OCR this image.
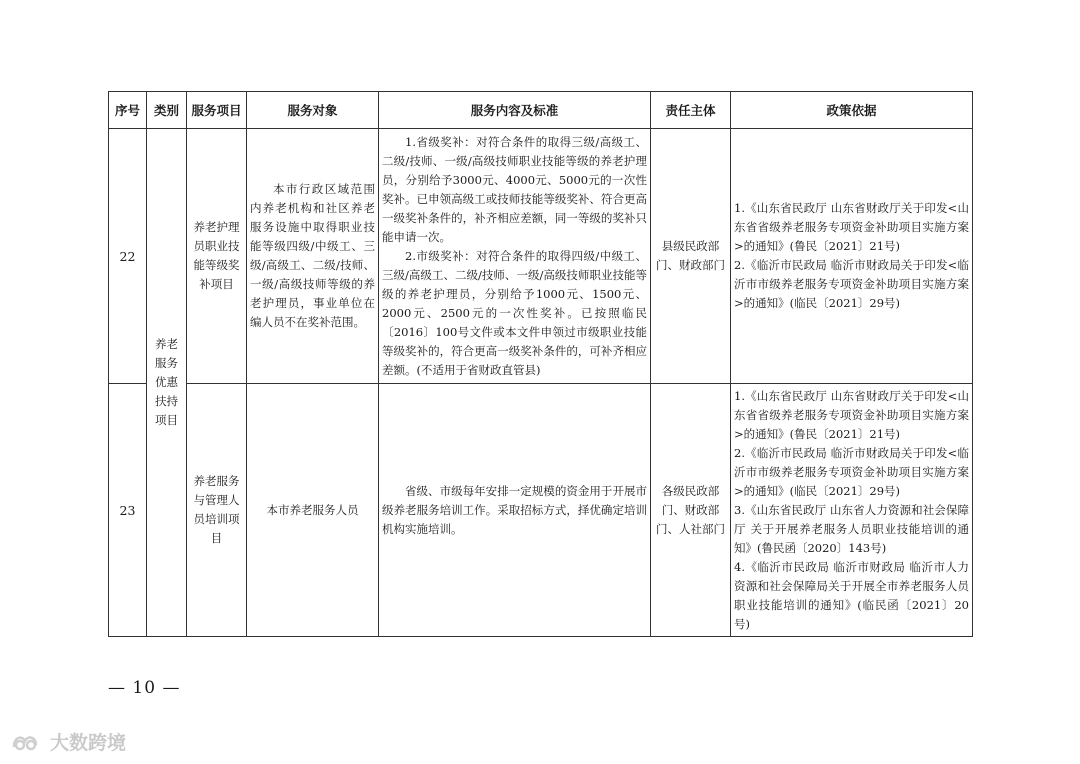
序号	类别	服务项目	服务对象	服务内容及标准	责任主体	政策依据
22	养老服务优惠扶持项目	养老护理员职业技能等级奖补项目	本市行政区域范围内养老机构和社区养老服务设施中取得职业技能等级四级/中级工、三级/高级工、二级/技师、一级/高级技师等级的养老护理员，事业单位在编人员不在奖补范围。	1.省级奖补：对符合条件的取得三级/高级工、二级/技师、一级/高级技师职业技能等级的养老护理员，分别给予3000元、4000元、5000元的一次性奖补。已申领高级工或技师技能等级奖补、符合更高一级奖补条件的，补齐相应差额，同一等级的奖补只能申请一次。
2.市级奖补：对符合条件的取得四级/中级工、三级/高级工、二级/技师、一级/高级技师职业技能等级的养老护理员，分别给予1000元、1500元、2000元、2500元的一次性奖补。已按照临民〔2016〕100号文件或本文件申领过市级职业技能等级奖补的，符合更高一级奖补条件的，可补齐相应差额。(不适用于省财政直管县)	县级民政部门、财政部门	1.《山东省民政厅 山东省财政厅关于印发<山东省省级养老服务专项资金补助项目实施方案>的通知》(鲁民〔2021〕21号)
2.《临沂市民政局 临沂市财政局关于印发<临沂市市级养老服务专项资金补助项目实施方案>的通知》(临民〔2021〕29号)

23		养老服务与管理人员培训项目	本市养老服务人员	省级、市级每年安排一定规模的资金用于开展市级养老服务培训工作。采取招标方式，择优确定培训机构实施培训。	各级民政部门、财政部门、人社部门	1.《山东省民政厅 山东省财政厅关于印发<山东省省级养老服务专项资金补助项目实施方案>的通知》(鲁民〔2021〕21号)
2.《临沂市民政局 临沂市财政局关于印发<临沂市市级养老服务专项资金补助项目实施方案>的通知》(临民〔2021〕29号)
3.《山东省民政厅 山东省人力资源和社会保障厅 关于开展养老服务人员职业技能培训的通知》(鲁民函〔2020〕143号)
4.《临沂市民政局 临沂市财政局 临沂市人力资源和社会保障局关于开展全市养老服务人员职业技能培训的通知》(临民函〔2021〕20号)
— 10 —
大数跨境
